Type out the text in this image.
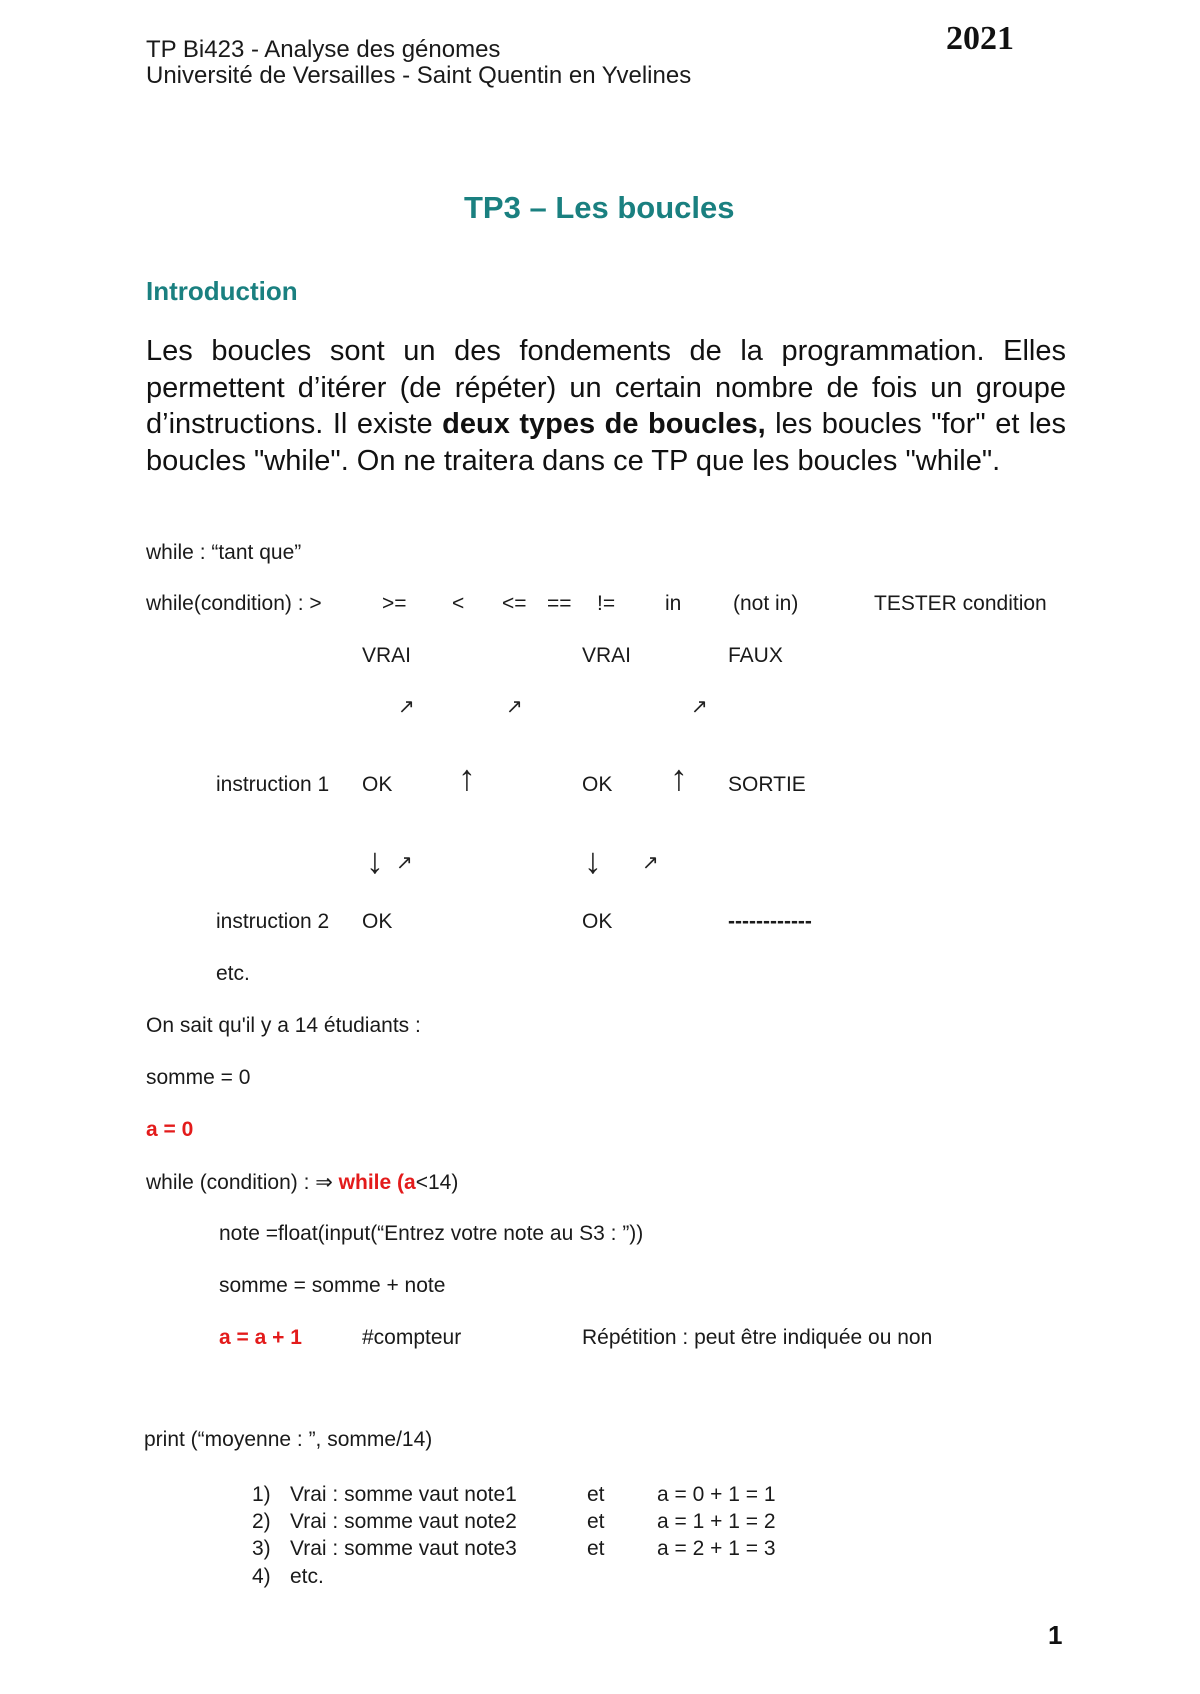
TP Bi423 - Analyse des génomes
Université de Versailles - Saint Quentin en Yvelines
2021
TP3 – Les boucles
Introduction
Les boucles sont un des fondements de la programmation. Elles permettent d’itérer (de répéter) un certain nombre de fois un groupe d’instructions. Il existe deux types de boucles, les boucles "for" et les boucles "while". On ne traitera dans ce TP que les boucles "while".
while : “tant que”
while(condition) : >	>= < <= == != in (not in)	TESTER condition
VRAI	VRAI	FAUX
↗	↗	↗
instruction 1 OK ↑	OK ↑ SORTIE
↓ ↗	↓ ↗
instruction 2 OK	OK	------------
etc.
On sait qu'il y a 14 étudiants :
somme = 0
a = 0
while (condition) : ⇒ while (a<14)
note =float(input(“Entrez votre note au S3 : ”))
somme = somme + note
a = a + 1	#compteur	Répétition : peut être indiquée ou non
print (“moyenne : ”, somme/14)
1) Vrai : somme vaut note1	et a = 0 + 1 = 1
2) Vrai : somme vaut note2	et a = 1 + 1 = 2
3) Vrai : somme vaut note3	et a = 2 + 1 = 3
4) etc.
1
